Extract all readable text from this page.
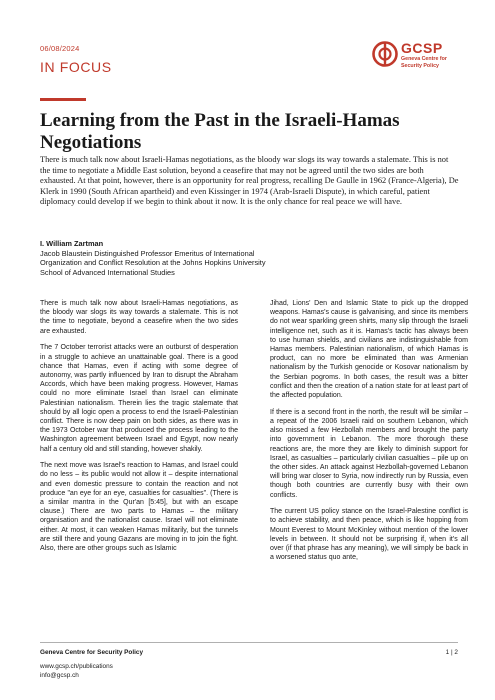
06/08/2024
IN FOCUS
GCSP
Geneva Centre for
Security Policy
Learning from the Past in the Israeli-Hamas Negotiations
There is much talk now about Israeli-Hamas negotiations, as the bloody war slogs its way towards a stalemate. This is not the time to negotiate a Middle East solution, beyond a ceasefire that may not be agreed until the two sides are both exhausted. At that point, however, there is an opportunity for real progress, recalling De Gaulle in 1962 (France-Algeria), De Klerk in 1990 (South African apartheid) and even Kissinger in 1974 (Arab-Israeli Dispute), in which careful, patient diplomacy could develop if we begin to think about it now. It is the only chance for real peace we will have.
I. William Zartman
Jacob Blaustein Distinguished Professor Emeritus of International
Organization and Conflict Resolution at the Johns Hopkins University
School of Advanced International Studies

There is much talk now about Israeli-Hamas negotiations, as the bloody war slogs its way towards a stalemate. This is not the time to negotiate, beyond a ceasefire when the two sides are exhausted.

The 7 October terrorist attacks were an outburst of desperation in a struggle to achieve an unattainable goal. There is a good chance that Hamas, even if acting with some degree of autonomy, was partly influenced by Iran to disrupt the Abraham Accords, which have been making progress. However, Hamas could no more eliminate Israel than Israel can eliminate Palestinian nationalism. Therein lies the tragic stalemate that should by all logic open a process to end the Israeli-Palestinian conflict. There is now deep pain on both sides, as there was in the 1973 October war that produced the process leading to the Washington agreement between Israel and Egypt, now nearly half a century old and still standing, however shakily.

The next move was Israel's reaction to Hamas, and Israel could do no less – its public would not allow it – despite international and even domestic pressure to contain the reaction and not produce "an eye for an eye, casualties for casualties". (There is a similar mantra in the Qur'an [5:45], but with an escape clause.) There are two parts to Hamas – the military organisation and the nationalist cause. Israel will not eliminate either. At most, it can weaken Hamas militarily, but the tunnels are still there and young Gazans are moving in to join the fight. Also, there are other groups such as Islamic

Jihad, Lions' Den and Islamic State to pick up the dropped weapons. Hamas's cause is galvanising, and since its members do not wear sparkling green shirts, many slip through the Israeli intelligence net, such as it is. Hamas's tactic has always been to use human shields, and civilians are indistinguishable from Hamas members. Palestinian nationalism, of which Hamas is product, can no more be eliminated than was Armenian nationalism by the Turkish genocide or Kosovar nationalism by the Serbian pogroms. In both cases, the result was a bitter conflict and then the creation of a nation state for at least part of the affected population.

If there is a second front in the north, the result will be similar – a repeat of the 2006 Israeli raid on southern Lebanon, which also missed a few Hezbollah members and brought the party into government in Lebanon. The more thorough these reactions are, the more they are likely to diminish support for Israel, as casualties – particularly civilian casualties – pile up on the other sides. An attack against Hezbollah-governed Lebanon will bring war closer to Syria, now indirectly run by Russia, even though both countries are currently busy with their own conflicts.

The current US policy stance on the Israel-Palestine conflict is to achieve stability, and then peace, which is like hopping from Mount Everest to Mount McKinley without mention of the lower levels in between. It should not be surprising if, when it's all over (if that phrase has any meaning), we will simply be back in a worsened status quo ante,

Geneva Centre for Security Policy
www.gcsp.ch/publications
info@gcsp.ch
1 | 2
